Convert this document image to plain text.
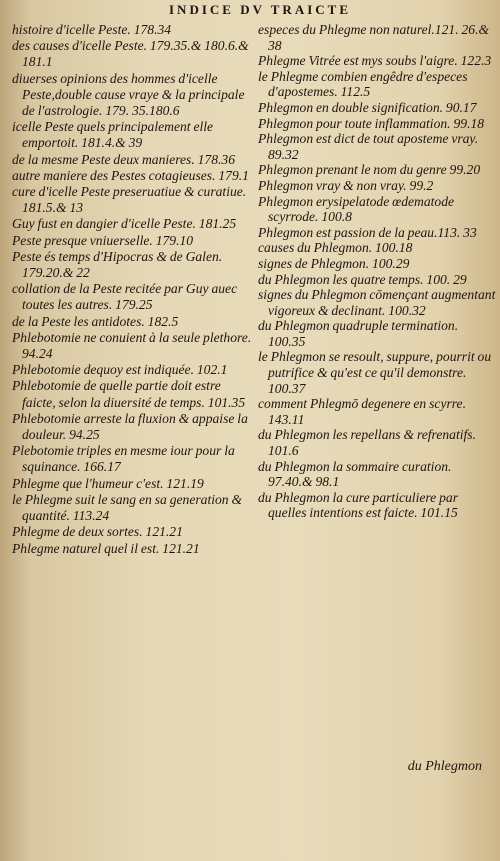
INDICE DV TRAICTE

histoire d'icelle Peste. 178.34

des causes d'icelle Peste. 179.35.& 180.6.& 181.1

diuerses opinions des hommes d'icelle Peste,double cause vraye & la principale de l'astrologie. 179. 35.180.6

icelle Peste quels principalement elle emportoit. 181.4.& 39

de la mesme Peste deux manieres. 178.36

autre maniere des Pestes cotagieuses. 179.1

cure d'icelle Peste preseruatiue & curatiue. 181.5.& 13

Guy fust en dangier d'icelle Peste. 181.25

Peste presque vniuerselle. 179.10

Peste és temps d'Hipocras & de Galen. 179.20.& 22

collation de la Peste recitée par Guy auec toutes les autres. 179.25

de la Peste les antidotes. 182.5

Phlebotomie ne conuient à la seule plethore. 94.24

Phlebotomie dequoy est indiquée. 102.1

Phlebotomie de quelle partie doit estre faicte, selon la diuersité de temps. 101.35

Phlebotomie arreste la fluxion & appaise la douleur. 94.25

Plebotomie triples en mesme iour pour la squinance. 166.17

Phlegme que l'humeur c'est. 121.19

le Phlegme suit le sang en sa generation & quantité. 113.24

Phlegme de deux sortes. 121.21

Phlegme naturel quel il est. 121.21

especes du Phlegme non naturel.121. 26.& 38

Phlegme Vitrée est mys soubs l'aigre. 122.3

le Phlegme combien engêdre d'especes d'apostemes. 112.5

Phlegmon en double signification. 90.17

Phlegmon pour toute inflammation. 99.18

Phlegmon est dict de tout aposteme vray. 89.32

Phlegmon prenant le nom du genre 99.20

Phlegmon vray & non vray. 99.2

Phlegmon erysipelatode œdematode scyrrode. 100.8

Phlegmon est passion de la peau.113. 33

causes du Phlegmon. 100.18

signes de Phlegmon. 100.29

du Phlegmon les quatre temps. 100. 29

signes du Phlegmon cōmençant augmentant vigoreux & declinant. 100.32

du Phlegmon quadruple termination. 100.35

le Phlegmon se resoult, suppure, pourrit ou putrifice & qu'est ce qu'il demonstre. 100.37

comment Phlegmō degenere en scyrre. 143.11

du Phlegmon les repellans & refrenatifs. 101.6

du Phlegmon la sommaire curation. 97.40.& 98.1

du Phlegmon la cure particuliere par quelles intentions est faicte. 101.15

du Phlegmon
